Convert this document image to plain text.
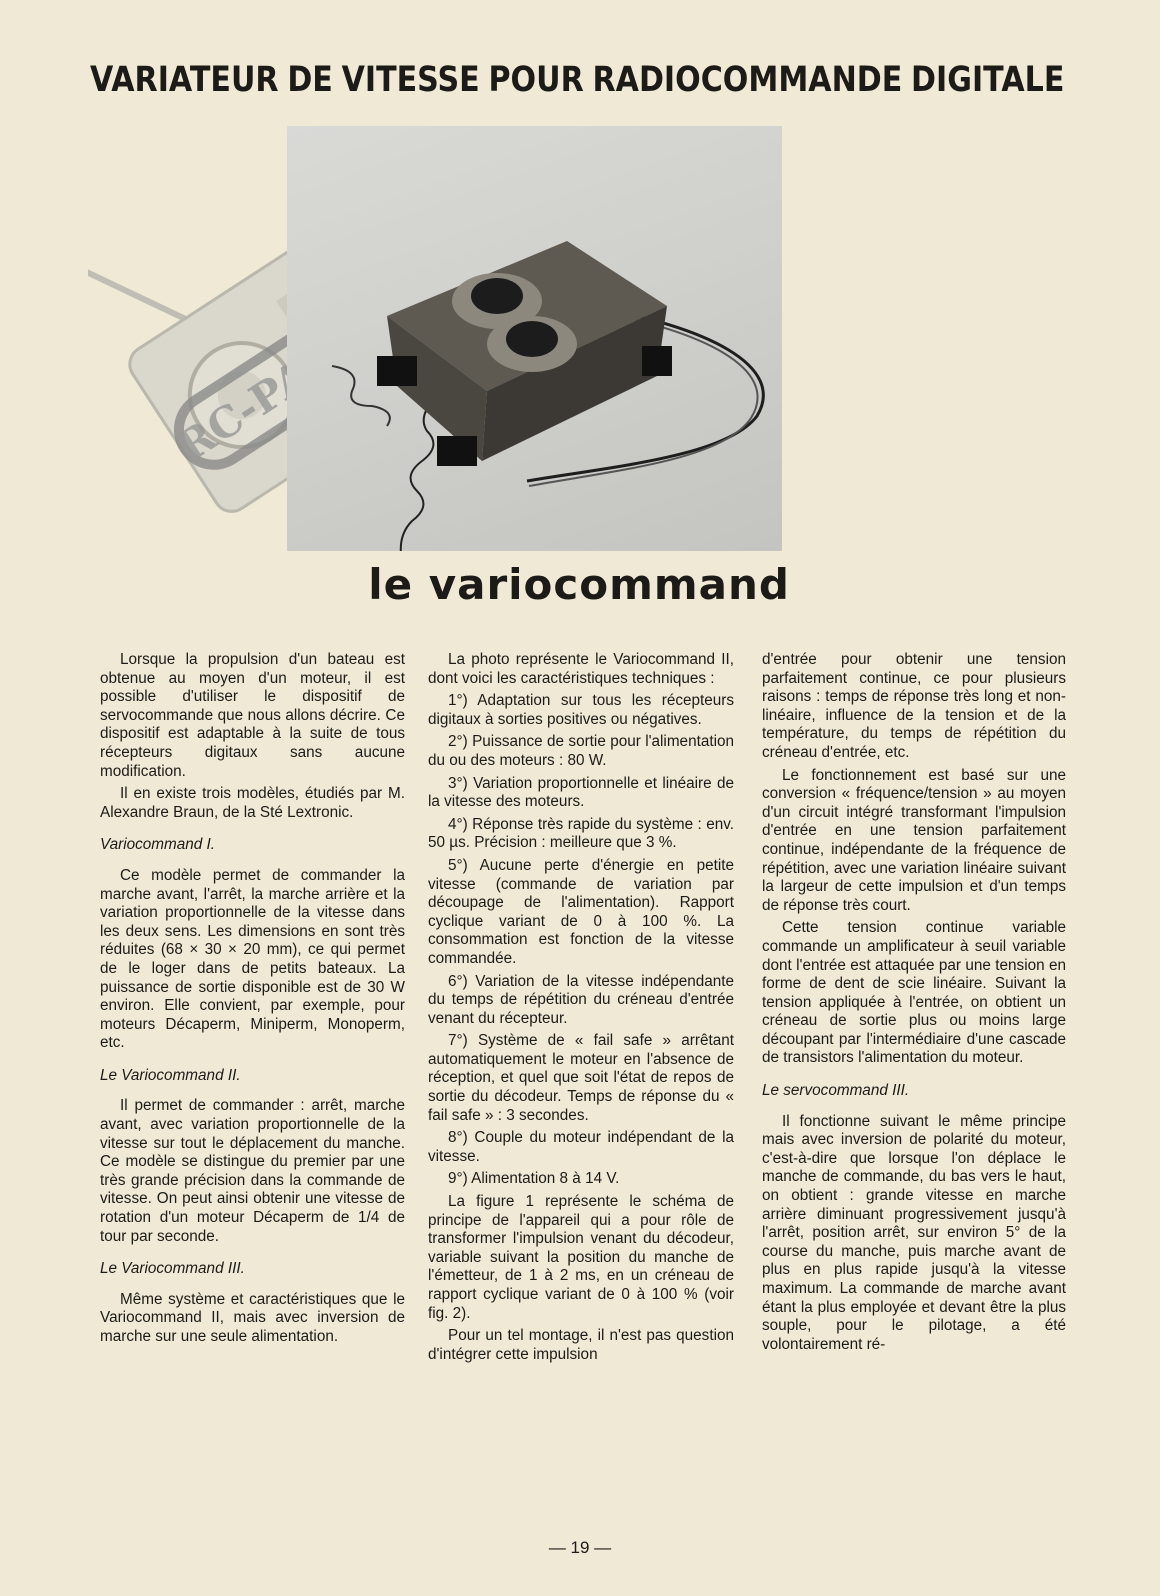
VARIATEUR DE VITESSE POUR RADIOCOMMANDE DIGITALE
le variocommand

Lorsque la propulsion d'un bateau est obtenue au moyen d'un moteur, il est possible d'utiliser le dispositif de servocommande que nous allons décrire. Ce dispositif est adaptable à la suite de tous récepteurs digitaux sans aucune modification.

Il en existe trois modèles, étudiés par M. Alexandre Braun, de la Sté Lextronic.

Variocommand I.

Ce modèle permet de commander la marche avant, l'arrêt, la marche arrière et la variation proportionnelle de la vitesse dans les deux sens. Les dimensions en sont très réduites (68 × 30 × 20 mm), ce qui permet de le loger dans de petits bateaux. La puissance de sortie disponible est de 30 W environ. Elle convient, par exemple, pour moteurs Décaperm, Miniperm, Monoperm, etc.

Le Variocommand II.

Il permet de commander : arrêt, marche avant, avec variation proportionnelle de la vitesse sur tout le déplacement du manche. Ce modèle se distingue du premier par une très grande précision dans la commande de vitesse. On peut ainsi obtenir une vitesse de rotation d'un moteur Décaperm de 1/4 de tour par seconde.

Le Variocommand III.

Même système et caractéristiques que le Variocommand II, mais avec inversion de marche sur une seule alimentation.

La photo représente le Variocommand II, dont voici les caractéristiques techniques :

1°) Adaptation sur tous les récepteurs digitaux à sorties positives ou négatives.

2°) Puissance de sortie pour l'alimentation du ou des moteurs : 80 W.

3°) Variation proportionnelle et linéaire de la vitesse des moteurs.

4°) Réponse très rapide du système : env. 50 µs. Précision : meilleure que 3 %.

5°) Aucune perte d'énergie en petite vitesse (commande de variation par découpage de l'alimentation). Rapport cyclique variant de 0 à 100 %. La consommation est fonction de la vitesse commandée.

6°) Variation de la vitesse indépendante du temps de répétition du créneau d'entrée venant du récepteur.

7°) Système de « fail safe » arrêtant automatiquement le moteur en l'absence de réception, et quel que soit l'état de repos de sortie du décodeur. Temps de réponse du « fail safe » : 3 secondes.

8°) Couple du moteur indépendant de la vitesse.

9°) Alimentation 8 à 14 V.

La figure 1 représente le schéma de principe de l'appareil qui a pour rôle de transformer l'impulsion venant du décodeur, variable suivant la position du manche de l'émetteur, de 1 à 2 ms, en un créneau de rapport cyclique variant de 0 à 100 % (voir fig. 2).

Pour un tel montage, il n'est pas question d'intégrer cette impulsion

d'entrée pour obtenir une tension parfaitement continue, ce pour plusieurs raisons : temps de réponse très long et non-linéaire, influence de la tension et de la température, du temps de répétition du créneau d'entrée, etc.

Le fonctionnement est basé sur une conversion « fréquence/tension » au moyen d'un circuit intégré transformant l'impulsion d'entrée en une tension parfaitement continue, indépendante de la fréquence de répétition, avec une variation linéaire suivant la largeur de cette impulsion et d'un temps de réponse très court.

Cette tension continue variable commande un amplificateur à seuil variable dont l'entrée est attaquée par une tension en forme de dent de scie linéaire. Suivant la tension appliquée à l'entrée, on obtient un créneau de sortie plus ou moins large découpant par l'intermédiaire d'une cascade de transistors l'alimentation du moteur.

Le servocommand III.

Il fonctionne suivant le même principe mais avec inversion de polarité du moteur, c'est-à-dire que lorsque l'on déplace le manche de commande, du bas vers le haut, on obtient : grande vitesse en marche arrière diminuant progressivement jusqu'à l'arrêt, position arrêt, sur environ 5° de la course du manche, puis marche avant de plus en plus rapide jusqu'à la vitesse maximum. La commande de marche avant étant la plus employée et devant être la plus souple, pour le pilotage, a été volontairement ré-

— 19 —
